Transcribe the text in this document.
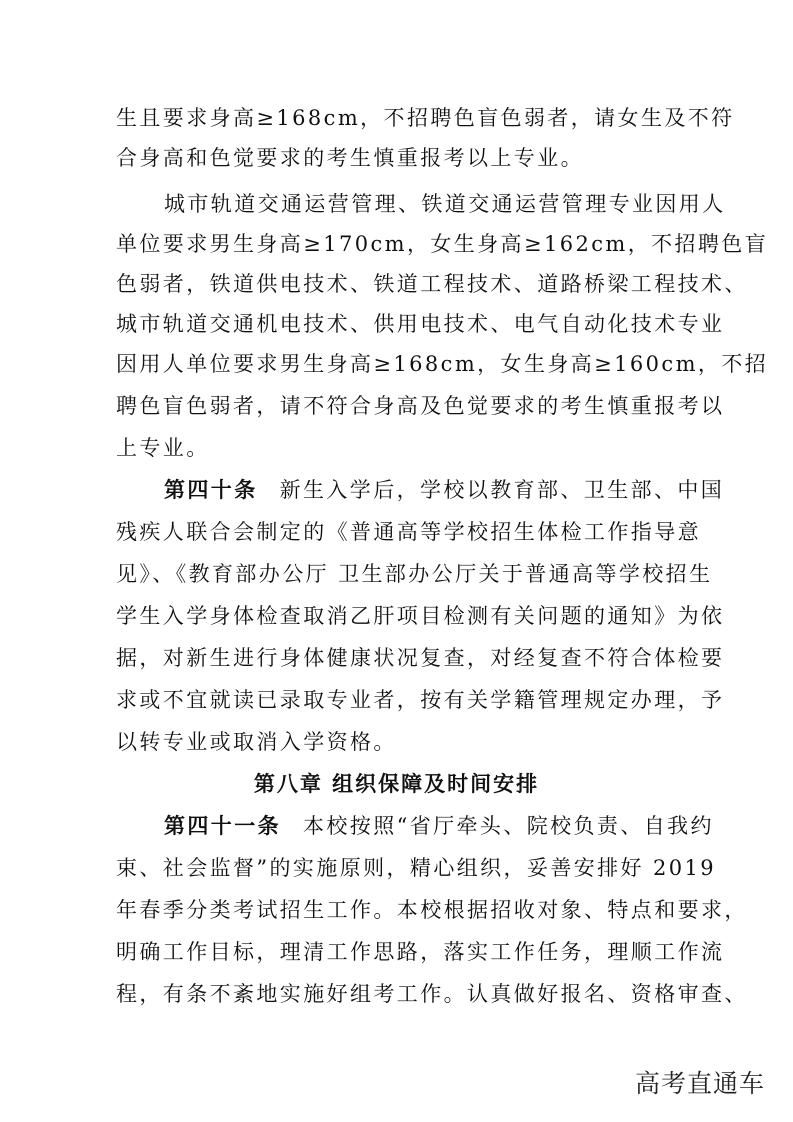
生且要求身高≥168cm，不招聘色盲色弱者，请女生及不符
合身高和色觉要求的考生慎重报考以上专业。
城市轨道交通运营管理、铁道交通运营管理专业因用人
单位要求男生身高≥170cm，女生身高≥162cm，不招聘色盲
色弱者，铁道供电技术、铁道工程技术、道路桥梁工程技术、
城市轨道交通机电技术、供用电技术、电气自动化技术专业
因用人单位要求男生身高≥168cm，女生身高≥160cm，不招
聘色盲色弱者，请不符合身高及色觉要求的考生慎重报考以
上专业。
第四十条 新生入学后，学校以教育部、卫生部、中国
残疾人联合会制定的《普通高等学校招生体检工作指导意
见》、《教育部办公厅 卫生部办公厅关于普通高等学校招生
学生入学身体检查取消乙肝项目检测有关问题的通知》为依
据，对新生进行身体健康状况复查，对经复查不符合体检要
求或不宜就读已录取专业者，按有关学籍管理规定办理，予
以转专业或取消入学资格。
第八章 组织保障及时间安排
第四十一条 本校按照“省厅牵头、院校负责、自我约
束、社会监督”的实施原则，精心组织，妥善安排好 2019
年春季分类考试招生工作。本校根据招收对象、特点和要求，
明确工作目标，理清工作思路，落实工作任务，理顺工作流
程，有条不紊地实施好组考工作。认真做好报名、资格审查、
高考直通车
